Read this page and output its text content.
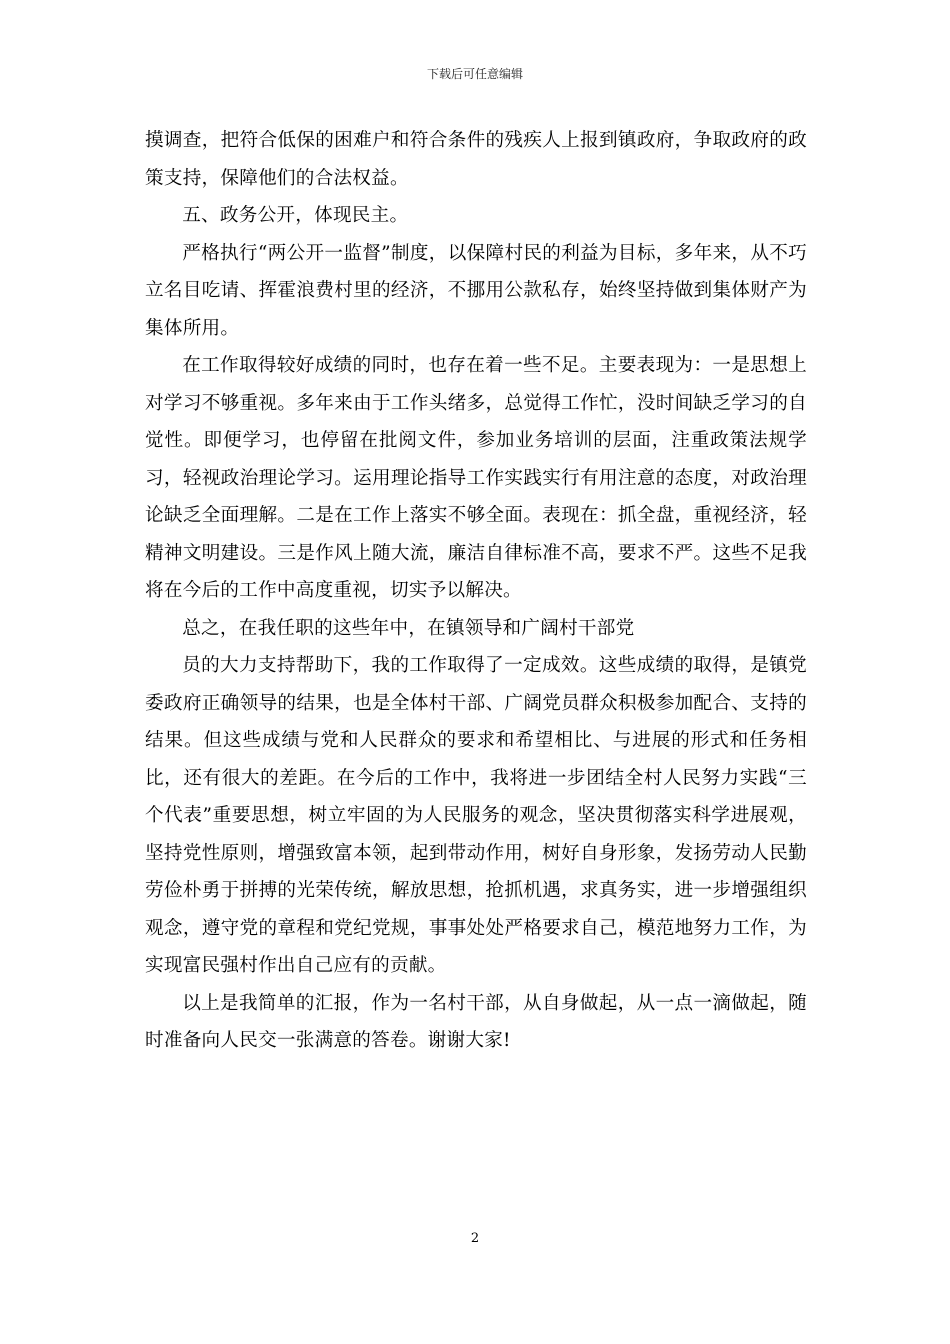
下载后可任意编辑

摸调查，把符合低保的困难户和符合条件的残疾人上报到镇政府，争取政府的政策支持，保障他们的合法权益。

五、政务公开，体现民主。

严格执行“两公开一监督”制度，以保障村民的利益为目标，多年来，从不巧立名目吃请、挥霍浪费村里的经济，不挪用公款私存，始终坚持做到集体财产为集体所用。

在工作取得较好成绩的同时，也存在着一些不足。主要表现为：一是思想上对学习不够重视。多年来由于工作头绪多，总觉得工作忙，没时间缺乏学习的自觉性。即便学习，也停留在批阅文件，参加业务培训的层面，注重政策法规学习，轻视政治理论学习。运用理论指导工作实践实行有用注意的态度，对政治理论缺乏全面理解。二是在工作上落实不够全面。表现在：抓全盘，重视经济，轻精神文明建设。三是作风上随大流，廉洁自律标准不高，要求不严。这些不足我将在今后的工作中高度重视，切实予以解决。

总之，在我任职的这些年中，在镇领导和广阔村干部党

员的大力支持帮助下，我的工作取得了一定成效。这些成绩的取得，是镇党委政府正确领导的结果，也是全体村干部、广阔党员群众积极参加配合、支持的结果。但这些成绩与党和人民群众的要求和希望相比、与进展的形式和任务相比，还有很大的差距。在今后的工作中，我将进一步团结全村人民努力实践“三个代表”重要思想，树立牢固的为人民服务的观念，坚决贯彻落实科学进展观，坚持党性原则，增强致富本领，起到带动作用，树好自身形象，发扬劳动人民勤劳俭朴勇于拼搏的光荣传统，解放思想，抢抓机遇，求真务实，进一步增强组织观念，遵守党的章程和党纪党规，事事处处严格要求自己，模范地努力工作，为实现富民强村作出自己应有的贡献。

以上是我简单的汇报，作为一名村干部，从自身做起，从一点一滴做起，随时准备向人民交一张满意的答卷。谢谢大家!

2
